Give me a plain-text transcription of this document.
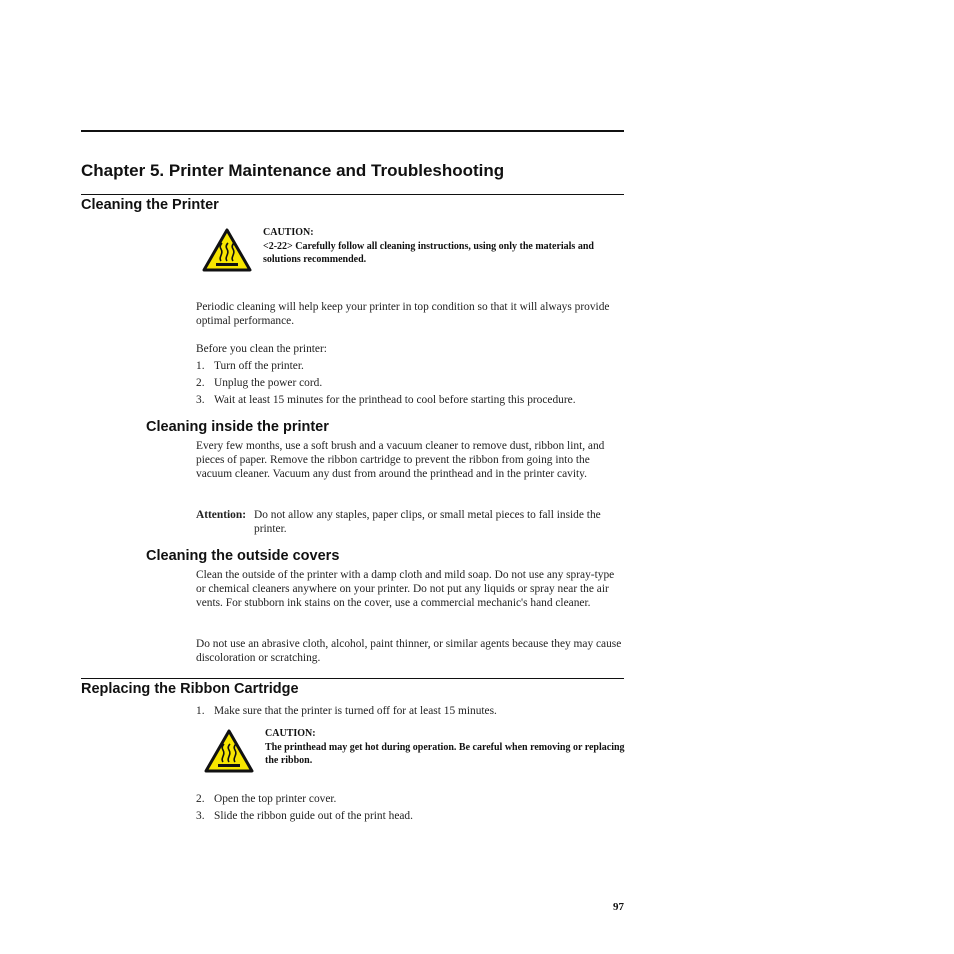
Chapter 5. Printer Maintenance and Troubleshooting
Cleaning the Printer
CAUTION:
<2-22> Carefully follow all cleaning instructions, using only the materials and solutions recommended.

Periodic cleaning will help keep your printer in top condition so that it will always provide optimal performance.

Before you clean the printer:

1. Turn off the printer.
2. Unplug the power cord.
3. Wait at least 15 minutes for the printhead to cool before starting this procedure.
Cleaning inside the printer

Every few months, use a soft brush and a vacuum cleaner to remove dust, ribbon lint, and pieces of paper. Remove the ribbon cartridge to prevent the ribbon from going into the vacuum cleaner. Vacuum any dust from around the printhead and in the printer cavity.

Attention: Do not allow any staples, paper clips, or small metal pieces to fall inside the printer.
Cleaning the outside covers

Clean the outside of the printer with a damp cloth and mild soap. Do not use any spray-type or chemical cleaners anywhere on your printer. Do not put any liquids or spray near the air vents. For stubborn ink stains on the cover, use a commercial mechanic's hand cleaner.

Do not use an abrasive cloth, alcohol, paint thinner, or similar agents because they may cause discoloration or scratching.

Replacing the Ribbon Cartridge
1. Make sure that the printer is turned off for at least 15 minutes.
CAUTION:
The printhead may get hot during operation. Be careful when removing or replacing the ribbon.
2. Open the top printer cover.
3. Slide the ribbon guide out of the print head.
97
